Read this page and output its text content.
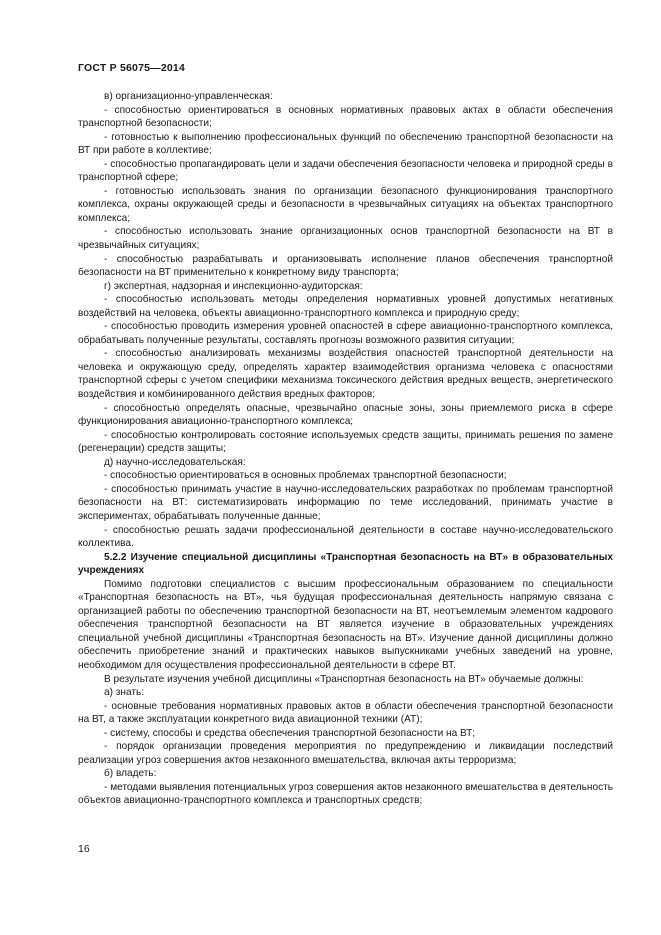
ГОСТ Р 56075—2014

в) организационно-управленческая:

- способностью ориентироваться в основных нормативных правовых актах в области обеспечения транспортной безопасности;

- готовностью к выполнению профессиональных функций по обеспечению транспортной безопасности на ВТ при работе в коллективе;

- способностью пропагандировать цели и задачи обеспечения безопасности человека и природной среды в транспортной сфере;

- готовностью использовать знания по организации безопасного функционирования транспортного комплекса, охраны окружающей среды и безопасности в чрезвычайных ситуациях на объектах транспортного комплекса;

- способностью использовать знание организационных основ транспортной безопасности на ВТ в чрезвычайных ситуациях;

- способностью разрабатывать и организовывать исполнение планов обеспечения транспортной безопасности на ВТ применительно к конкретному виду транспорта;

г) экспертная, надзорная и инспекционно-аудиторская:

- способностью использовать методы определения нормативных уровней допустимых негативных воздействий на человека, объекты авиационно-транспортного комплекса и природную среду;

- способностью проводить измерения уровней опасностей в сфере авиационно-транспортного комплекса, обрабатывать полученные результаты, составлять прогнозы возможного развития ситуации;

- способностью анализировать механизмы воздействия опасностей транспортной деятельности на человека и окружающую среду, определять характер взаимодействия организма человека с опасностями транспортной сферы с учетом специфики механизма токсического действия вредных веществ, энергетического воздействия и комбинированного действия вредных факторов;

- способностью определять опасные, чрезвычайно опасные зоны, зоны приемлемого риска в сфере функционирования авиационно-транспортного комплекса;

- способностью контролировать состояние используемых средств защиты, принимать решения по замене (регенерации) средств защиты;

д) научно-исследовательская:

- способностью ориентироваться в основных проблемах транспортной безопасности;

- способностью принимать участие в научно-исследовательских разработках по проблемам транспортной безопасности на ВТ: систематизировать информацию по теме исследований, принимать участие в экспериментах, обрабатывать полученные данные;

- способностью решать задачи профессиональной деятельности в составе научно-исследовательского коллектива.

5.2.2 Изучение специальной дисциплины «Транспортная безопасность на ВТ» в образовательных учреждениях

Помимо подготовки специалистов с высшим профессиональным образованием по специальности «Транспортная безопасность на ВТ», чья будущая профессиональная деятельность напрямую связана с организацией работы по обеспечению транспортной безопасности на ВТ, неотъемлемым элементом кадрового обеспечения транспортной безопасности на ВТ является изучение в образовательных учреждениях специальной учебной дисциплины «Транспортная безопасность на ВТ». Изучение данной дисциплины должно обеспечить приобретение знаний и практических навыков выпускниками учебных заведений на уровне, необходимом для осуществления профессиональной деятельности в сфере ВТ.

В результате изучения учебной дисциплины «Транспортная безопасность на ВТ» обучаемые должны:

а) знать:

- основные требования нормативных правовых актов в области обеспечения транспортной безопасности на ВТ, а также эксплуатации конкретного вида авиационной техники (АТ);

- систему, способы и средства обеспечения транспортной безопасности на ВТ;

- порядок организации проведения мероприятия по предупреждению и ликвидации последствий реализации угроз совершения актов незаконного вмешательства, включая акты терроризма;

б) владеть:

- методами выявления потенциальных угроз совершения актов незаконного вмешательства в деятельность объектов авиационно-транспортного комплекса и транспортных средств;

16
